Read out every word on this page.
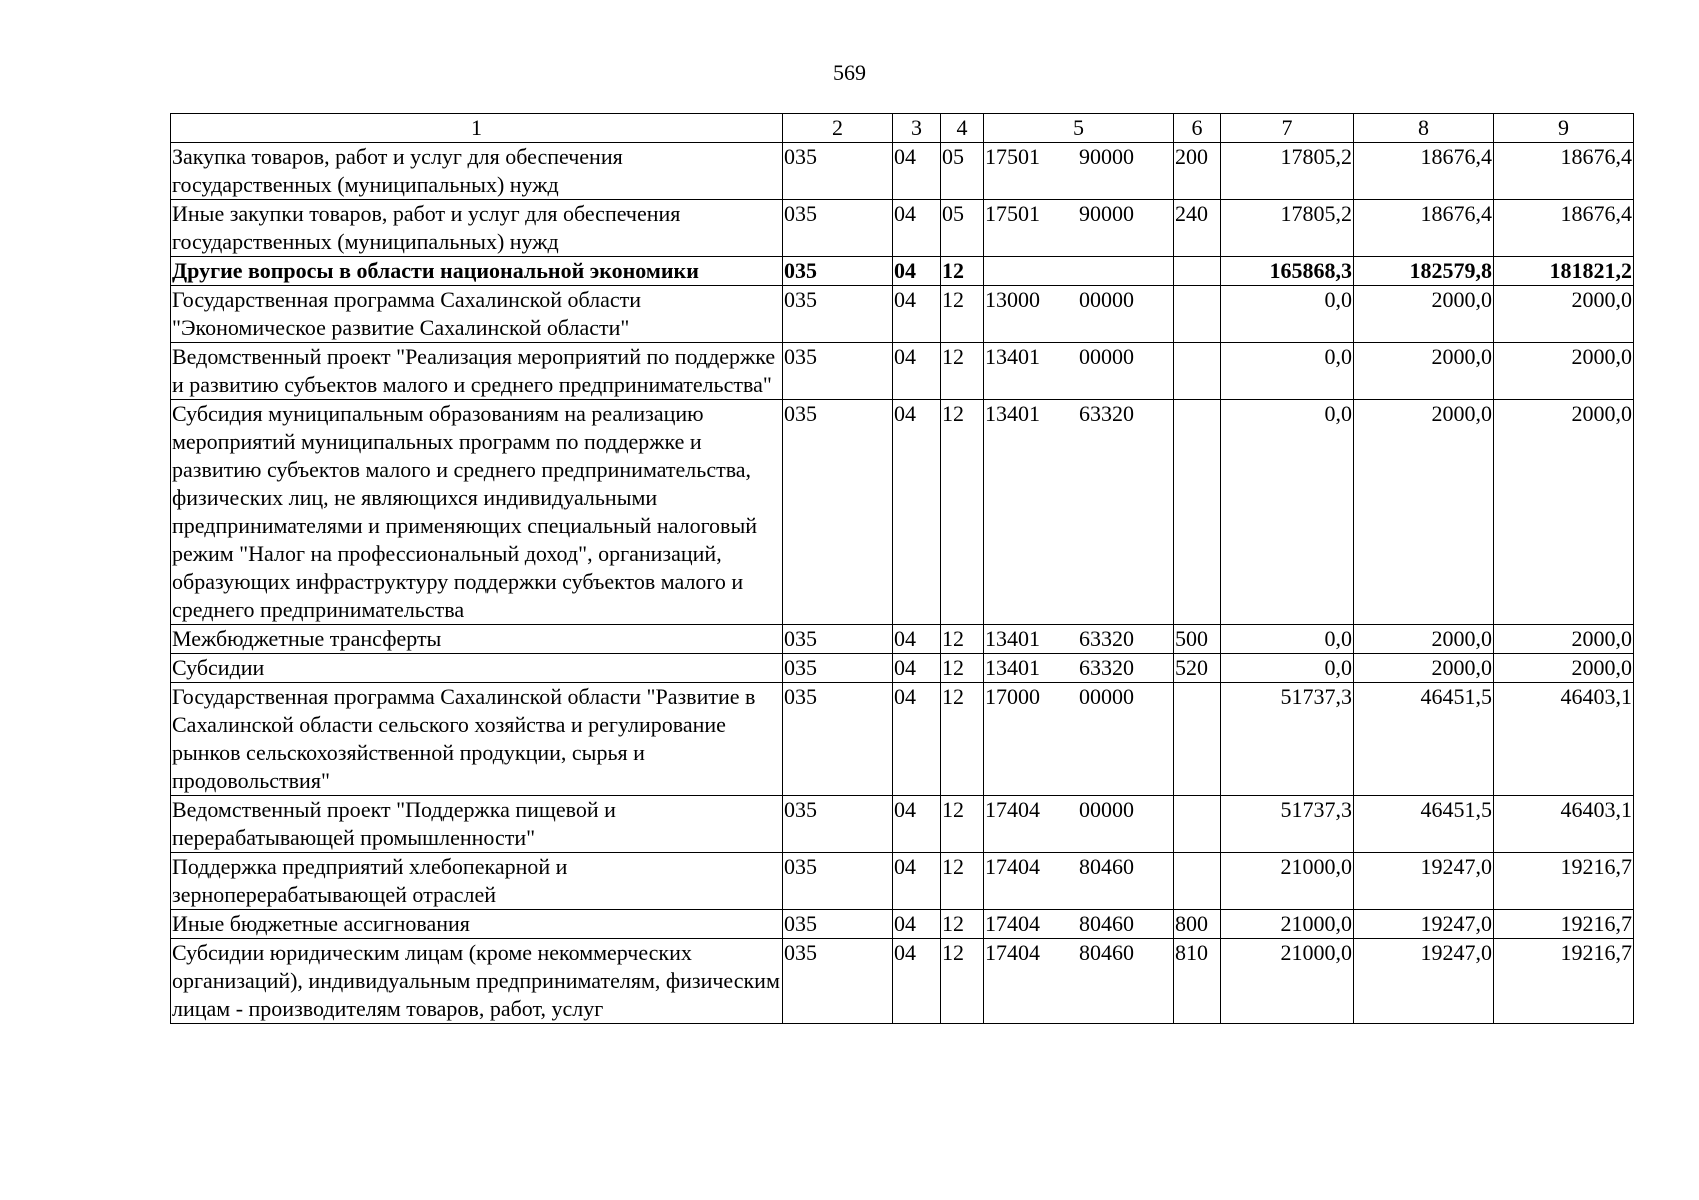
569
1	2	3	4	5	6	7	8	9
Закупка товаров, работ и услуг для обеспечения государственных (муниципальных) нужд	035	04	05	17501 90000	200	17805,2	18676,4	18676,4
Иные закупки товаров, работ и услуг для обеспечения государственных (муниципальных) нужд	035	04	05	17501 90000	240	17805,2	18676,4	18676,4
Другие вопросы в области национальной экономики	035	04	12			165868,3	182579,8	181821,2
Государственная программа Сахалинской области "Экономическое развитие Сахалинской области"	035	04	12	13000 00000		0,0	2000,0	2000,0
Ведомственный проект "Реализация мероприятий по поддержке и развитию субъектов малого и среднего предпринимательства"	035	04	12	13401 00000		0,0	2000,0	2000,0
Субсидия муниципальным образованиям на реализацию мероприятий муниципальных программ по поддержке и развитию субъектов малого и среднего предпринимательства, физических лиц, не являющихся индивидуальными предпринимателями и применяющих специальный налоговый режим "Налог на профессиональный доход", организаций, образующих инфраструктуру поддержки субъектов малого и среднего предпринимательства	035	04	12	13401 63320		0,0	2000,0	2000,0
Межбюджетные трансферты	035	04	12	13401 63320	500	0,0	2000,0	2000,0
Субсидии	035	04	12	13401 63320	520	0,0	2000,0	2000,0
Государственная программа Сахалинской области "Развитие в Сахалинской области сельского хозяйства и регулирование рынков сельскохозяйственной продукции, сырья и продовольствия"	035	04	12	17000 00000		51737,3	46451,5	46403,1
Ведомственный проект "Поддержка пищевой и перерабатывающей промышленности"	035	04	12	17404 00000		51737,3	46451,5	46403,1
Поддержка предприятий хлебопекарной и зерноперерабатывающей отраслей	035	04	12	17404 80460		21000,0	19247,0	19216,7
Иные бюджетные ассигнования	035	04	12	17404 80460	800	21000,0	19247,0	19216,7
Субсидии юридическим лицам (кроме некоммерческих организаций), индивидуальным предпринимателям, физическим лицам - производителям товаров, работ, услуг	035	04	12	17404 80460	810	21000,0	19247,0	19216,7
